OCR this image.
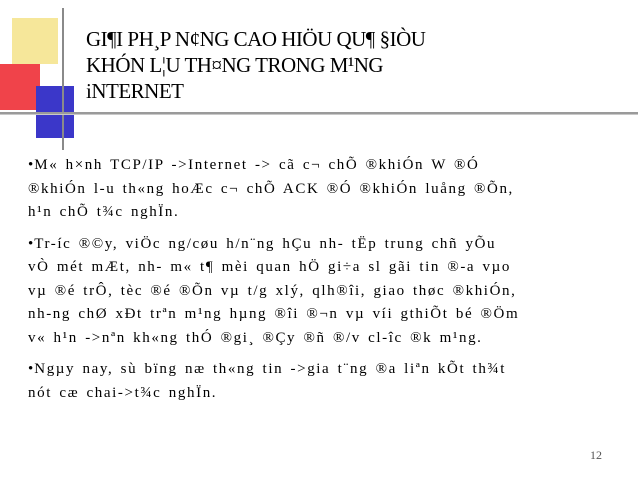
GI¶I PH¸P N¢NG CAO HIÖU QU¶ §IÒU
KHÓN L¦U TH¤NG TRONG M¹NG
iNTERNET
•M« h×nh TCP/IP ->Internet -> cã c¬ chÕ ®khiÓn W ®Ó
®khiÓn l-u th«ng hoÆc c¬ chÕ ACK ®Ó ®khiÓn luång ®Õn,
h¹n chÕ t¾c nghÏn.
•Tr-íc ®©y, viÖc ng/cøu h/n¨ng hÇu nh- tËp trung chñ yÕu
vÒ mét mÆt, nh- m« t¶ mèi quan hÖ gi÷a sl gãi tin ®-a vµo
vµ ®é trÔ, tèc ®é ®Õn vµ t/g xlý, qlh®îi, giao thøc ®khiÓn,
nh-ng chØ xÐt trªn m¹ng hµng ®îi ®¬n vµ víi gthiÕt bé ®Öm
v« h¹n ->nªn kh«ng thÓ ®gi¸ ®Çy ®ñ ®/v cl-îc ®k m¹ng.
•Ngµy nay, sù bïng næ th«ng tin ->gia t¨ng ®a liªn kÕt th¾t
nót cæ chai->t¾c nghÏn.
12
